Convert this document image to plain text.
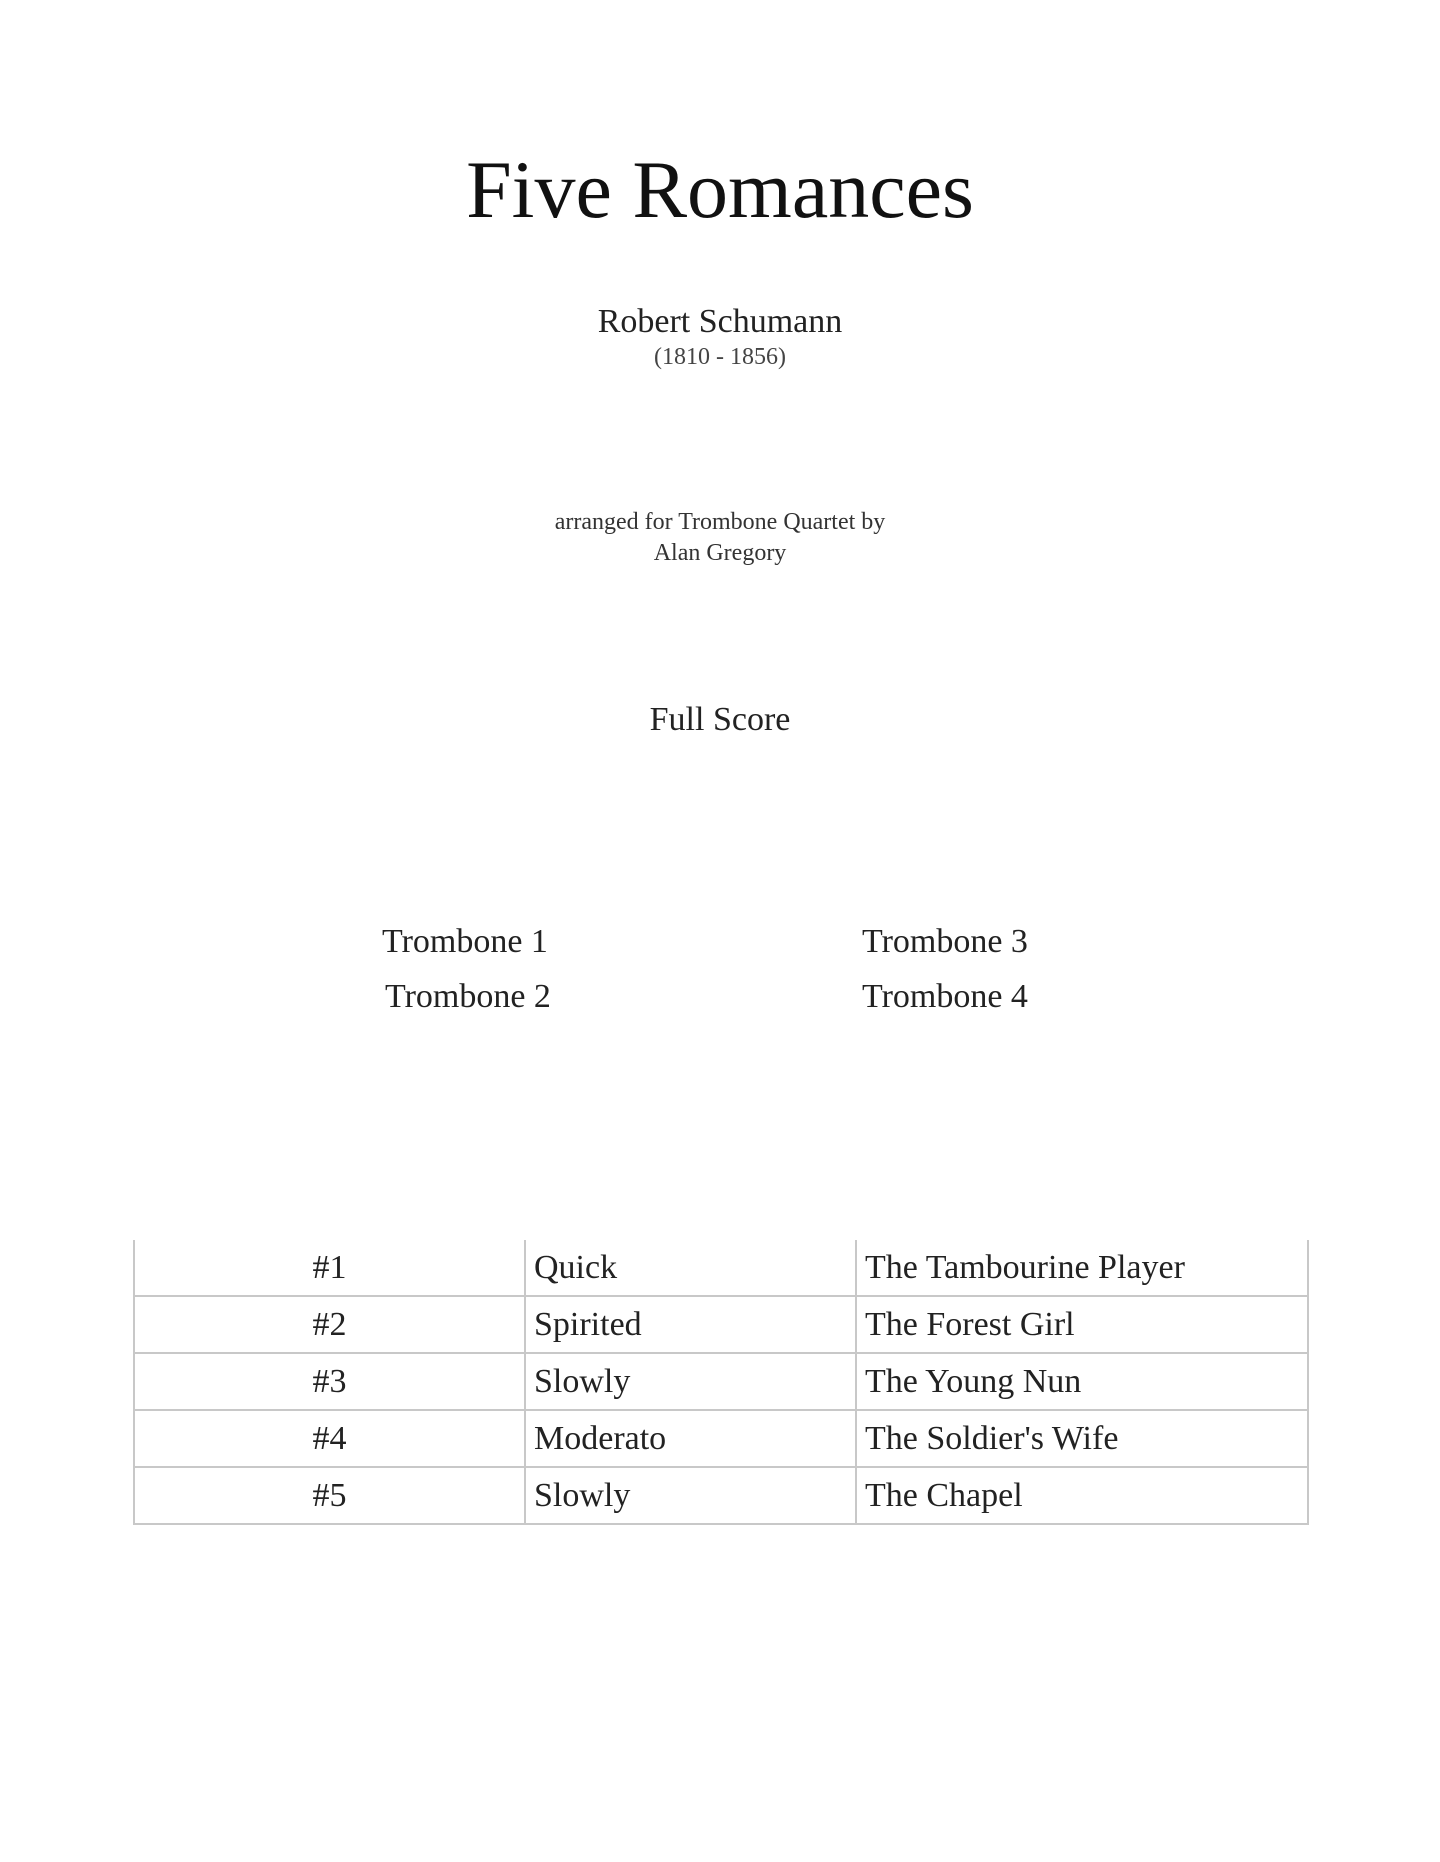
Five Romances
Robert Schumann
(1810 - 1856)
arranged for Trombone Quartet by
Alan Gregory
Full Score
Trombone 1
Trombone 2
Trombone 3
Trombone 4
#1	Quick	The Tambourine Player
#2	Spirited	The Forest Girl
#3	Slowly	The Young Nun
#4	Moderato	The Soldier's Wife
#5	Slowly	The Chapel
